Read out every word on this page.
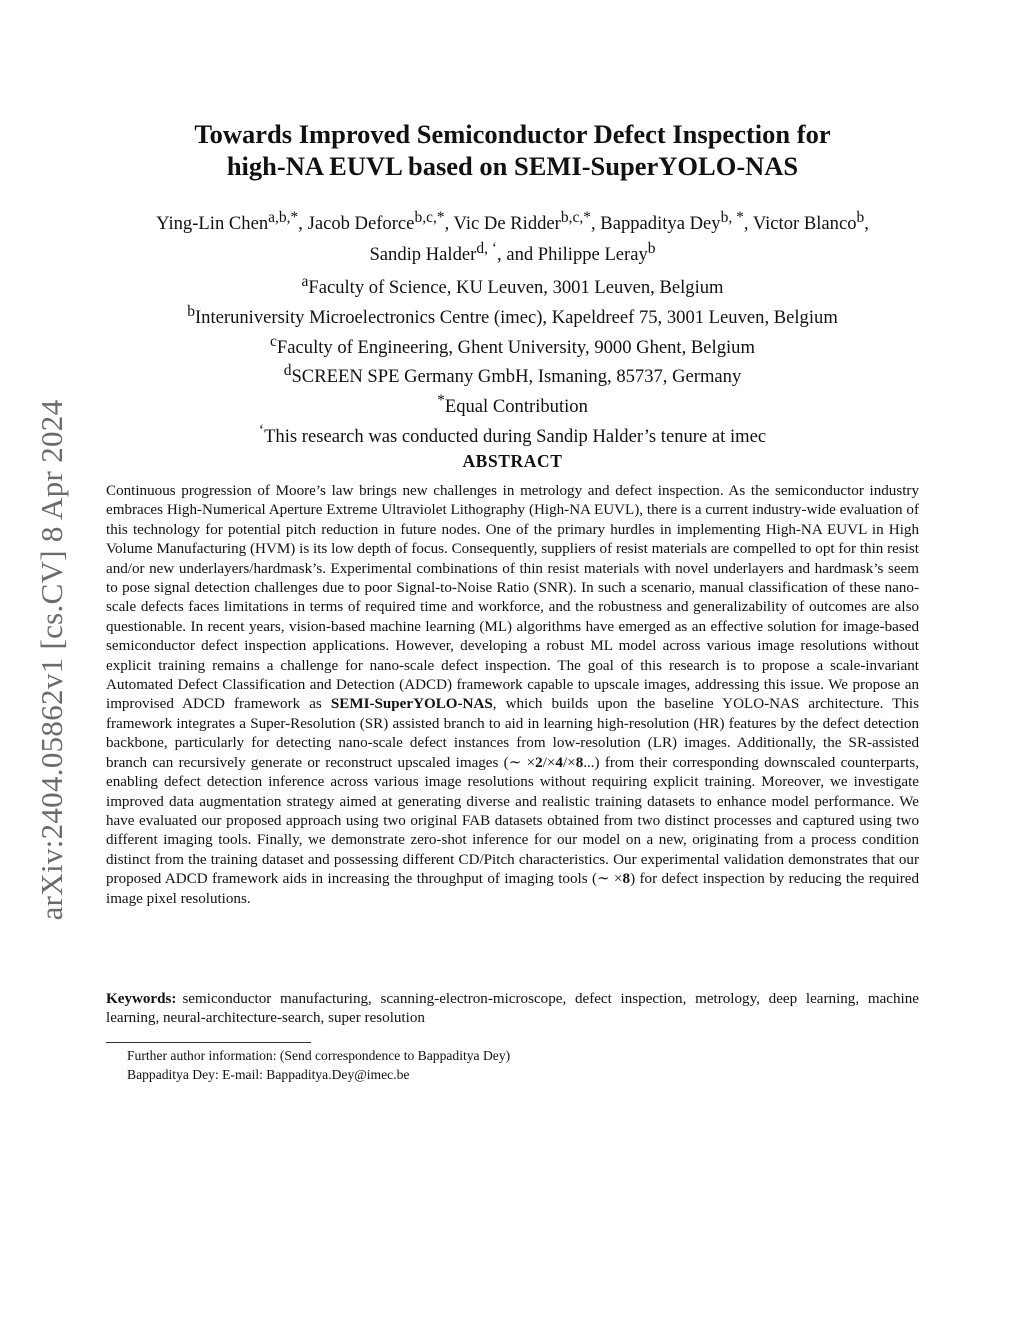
arXiv:2404.05862v1 [cs.CV] 8 Apr 2024
Towards Improved Semiconductor Defect Inspection for
high-NA EUVL based on SEMI-SuperYOLO-NAS
Ying-Lin Chen$^{a,b,*}$, Jacob Deforce$^{b,c,*}$, Vic De Ridder$^{b,c,*}$, Bappaditya Dey$^{b, *}$, Victor Blanco$^b$,
Sandip Halder$^{d, ‘}$, and Philippe Leray$^b$
$^a$Faculty of Science, KU Leuven, 3001 Leuven, Belgium
$^b$Interuniversity Microelectronics Centre (imec), Kapeldreef 75, 3001 Leuven, Belgium
$^c$Faculty of Engineering, Ghent University, 9000 Ghent, Belgium
$^d$SCREEN SPE Germany GmbH, Ismaning, 85737, Germany
*Equal Contribution
‘This research was conducted during Sandip Halder’s tenure at imec
ABSTRACT

Continuous progression of Moore’s law brings new challenges in metrology and defect inspection. As the semiconductor industry embraces High-Numerical Aperture Extreme Ultraviolet Lithography (High-NA EUVL), there is a current industry-wide evaluation of this technology for potential pitch reduction in future nodes. One of the primary hurdles in implementing High-NA EUVL in High Volume Manufacturing (HVM) is its low depth of focus. Consequently, suppliers of resist materials are compelled to opt for thin resist and/or new underlayers/hardmask’s. Experimental combinations of thin resist materials with novel underlayers and hardmask’s seem to pose signal detection challenges due to poor Signal-to-Noise Ratio (SNR). In such a scenario, manual classification of these nano-scale defects faces limitations in terms of required time and workforce, and the robustness and generalizability of outcomes are also questionable. In recent years, vision-based machine learning (ML) algorithms have emerged as an effective solution for image-based semiconductor defect inspection applications. However, developing a robust ML model across various image resolutions without explicit training remains a challenge for nano-scale defect inspection. The goal of this research is to propose a scale-invariant Automated Defect Classification and Detection (ADCD) framework capable to upscale images, addressing this issue. We propose an improvised ADCD framework as SEMI-SuperYOLO-NAS, which builds upon the baseline YOLO-NAS architecture. This framework integrates a Super-Resolution (SR) assisted branch to aid in learning high-resolution (HR) features by the defect detection backbone, particularly for detecting nano-scale defect instances from low-resolution (LR) images. Additionally, the SR-assisted branch can recursively generate or reconstruct upscaled images (∼ ×2/×4/×8...) from their corresponding downscaled counterparts, enabling defect detection inference across various image resolutions without requiring explicit training. Moreover, we investigate improved data augmentation strategy aimed at generating diverse and realistic training datasets to enhance model performance. We have evaluated our proposed approach using two original FAB datasets obtained from two distinct processes and captured using two different imaging tools. Finally, we demonstrate zero-shot inference for our model on a new, originating from a process condition distinct from the training dataset and possessing different CD/Pitch characteristics. Our experimental validation demonstrates that our proposed ADCD framework aids in increasing the throughput of imaging tools (∼ ×8) for defect inspection by reducing the required image pixel resolutions.

Keywords: semiconductor manufacturing, scanning-electron-microscope, defect inspection, metrology, deep learning, machine learning, neural-architecture-search, super resolution

Further author information: (Send correspondence to Bappaditya Dey)
Bappaditya Dey: E-mail: Bappaditya.Dey@imec.be
